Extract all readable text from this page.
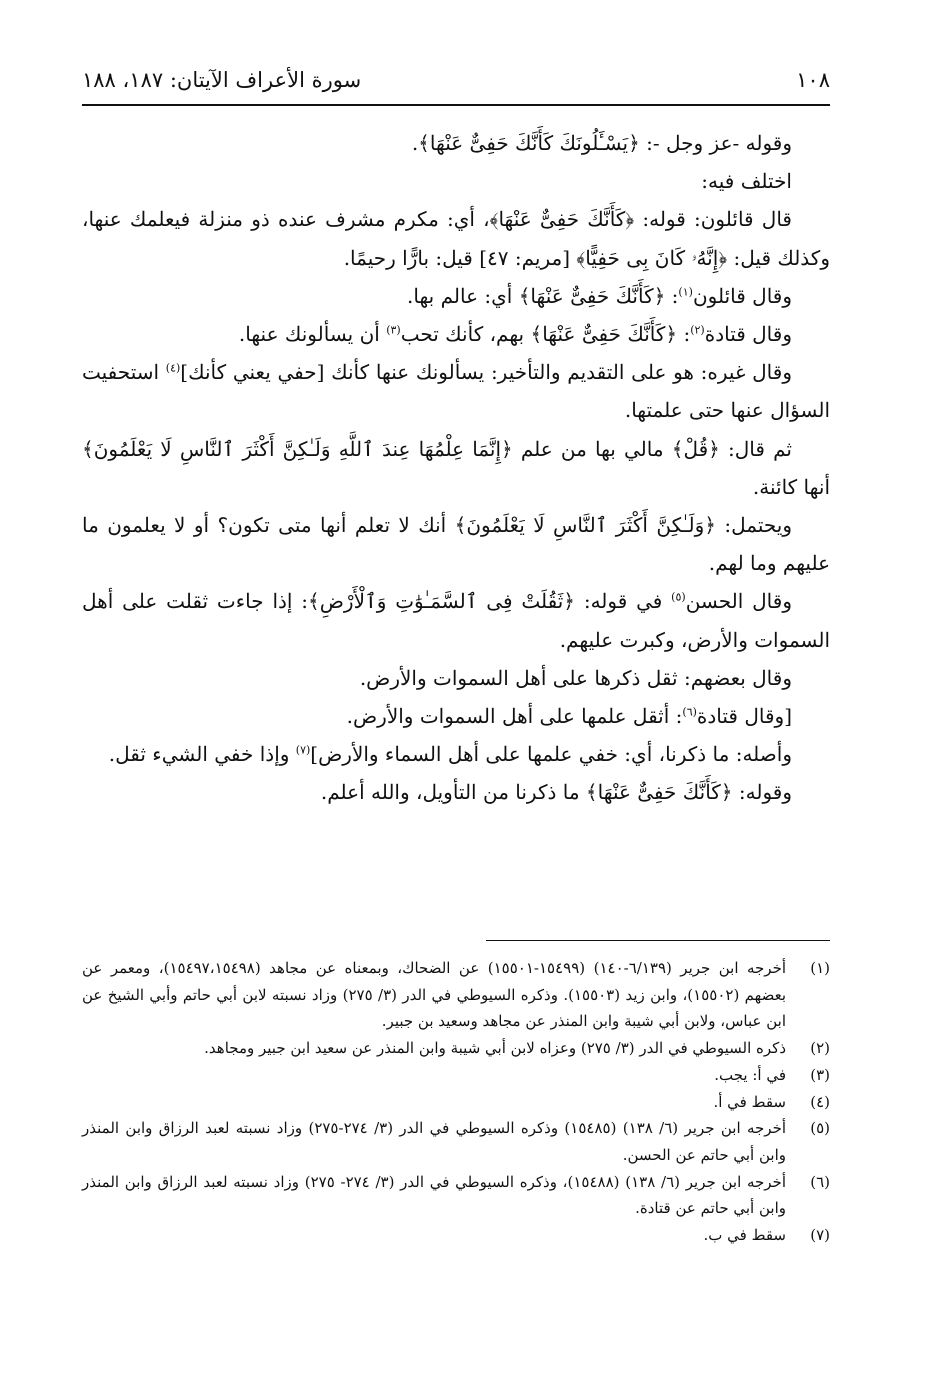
١٠٨
سورة الأعراف الآيتان: ١٨٧، ١٨٨

وقوله -عز وجل -: ﴿يَسْـَٔلُونَكَ كَأَنَّكَ حَفِىٌّ عَنْهَا﴾.

اختلف فيه:

قال قائلون: قوله: ﴿كَأَنَّكَ حَفِىٌّ عَنْهَا﴾، أي: مكرم مشرف عنده ذو منزلة فيعلمك عنها، وكذلك قيل: ﴿إِنَّهُۥ كَانَ بِى حَفِيًّا﴾ [مريم: ٤٧] قيل: بارًّا رحيمًا.

وقال قائلون$^{(١)}$: ﴿كَأَنَّكَ حَفِىٌّ عَنْهَا﴾ أي: عالم بها.

وقال قتادة$^{(٢)}$: ﴿كَأَنَّكَ حَفِىٌّ عَنْهَا﴾ بهم، كأنك تحب$^{(٣)}$ أن يسألونك عنها.

وقال غيره: هو على التقديم والتأخير: يسألونك عنها كأنك [حفي يعني كأنك]$^{(٤)}$ استحفيت السؤال عنها حتى علمتها.

ثم قال: ﴿قُلْ﴾ مالي بها من علم ﴿إِنَّمَا عِلْمُهَا عِندَ ٱللَّهِ وَلَـٰكِنَّ أَكْثَرَ ٱلنَّاسِ لَا يَعْلَمُونَ﴾ أنها كائنة.

ويحتمل: ﴿وَلَـٰكِنَّ أَكْثَرَ ٱلنَّاسِ لَا يَعْلَمُونَ﴾ أنك لا تعلم أنها متى تكون؟ أو لا يعلمون ما عليهم وما لهم.

وقال الحسن$^{(٥)}$ في قوله: ﴿ثَقُلَتْ فِى ٱلسَّمَـٰوَٰتِ وَٱلْأَرْضِ﴾: إذا جاءت ثقلت على أهل السموات والأرض، وكبرت عليهم.

وقال بعضهم: ثقل ذكرها على أهل السموات والأرض.

[وقال قتادة$^{(٦)}$: أثقل علمها على أهل السموات والأرض.

وأصله: ما ذكرنا، أي: خفي علمها على أهل السماء والأرض]$^{(٧)}$ وإذا خفي الشيء ثقل.

وقوله: ﴿كَأَنَّكَ حَفِىٌّ عَنْهَا﴾ ما ذكرنا من التأويل، والله أعلم.

(١)
أخرجه ابن جرير (٦/١٣٩-١٤٠) (١٥٤٩٩-١٥٥٠١) عن الضحاك، وبمعناه عن مجاهد (١٥٤٩٧،١٥٤٩٨)، ومعمر عن بعضهم (١٥٥٠٢)، وابن زيد (١٥٥٠٣). وذكره السيوطي في الدر (٣/ ٢٧٥) وزاد نسبته لابن أبي حاتم وأبي الشيخ عن ابن عباس، ولابن أبي شيبة وابن المنذر عن مجاهد وسعيد بن جبير.
(٢)
ذكره السيوطي في الدر (٣/ ٢٧٥) وعزاه لابن أبي شيبة وابن المنذر عن سعيد ابن جبير ومجاهد.
(٣)
في أ: يجب.
(٤)
سقط في أ.
(٥)
أخرجه ابن جرير (٦/ ١٣٨) (١٥٤٨٥) وذكره السيوطي في الدر (٣/ ٢٧٤-٢٧٥) وزاد نسبته لعبد الرزاق وابن المنذر وابن أبي حاتم عن الحسن.
(٦)
أخرجه ابن جرير (٦/ ١٣٨) (١٥٤٨٨)، وذكره السيوطي في الدر (٣/ ٢٧٤- ٢٧٥) وزاد نسبته لعبد الرزاق وابن المنذر وابن أبي حاتم عن قتادة.
(٧)
سقط في ب.
